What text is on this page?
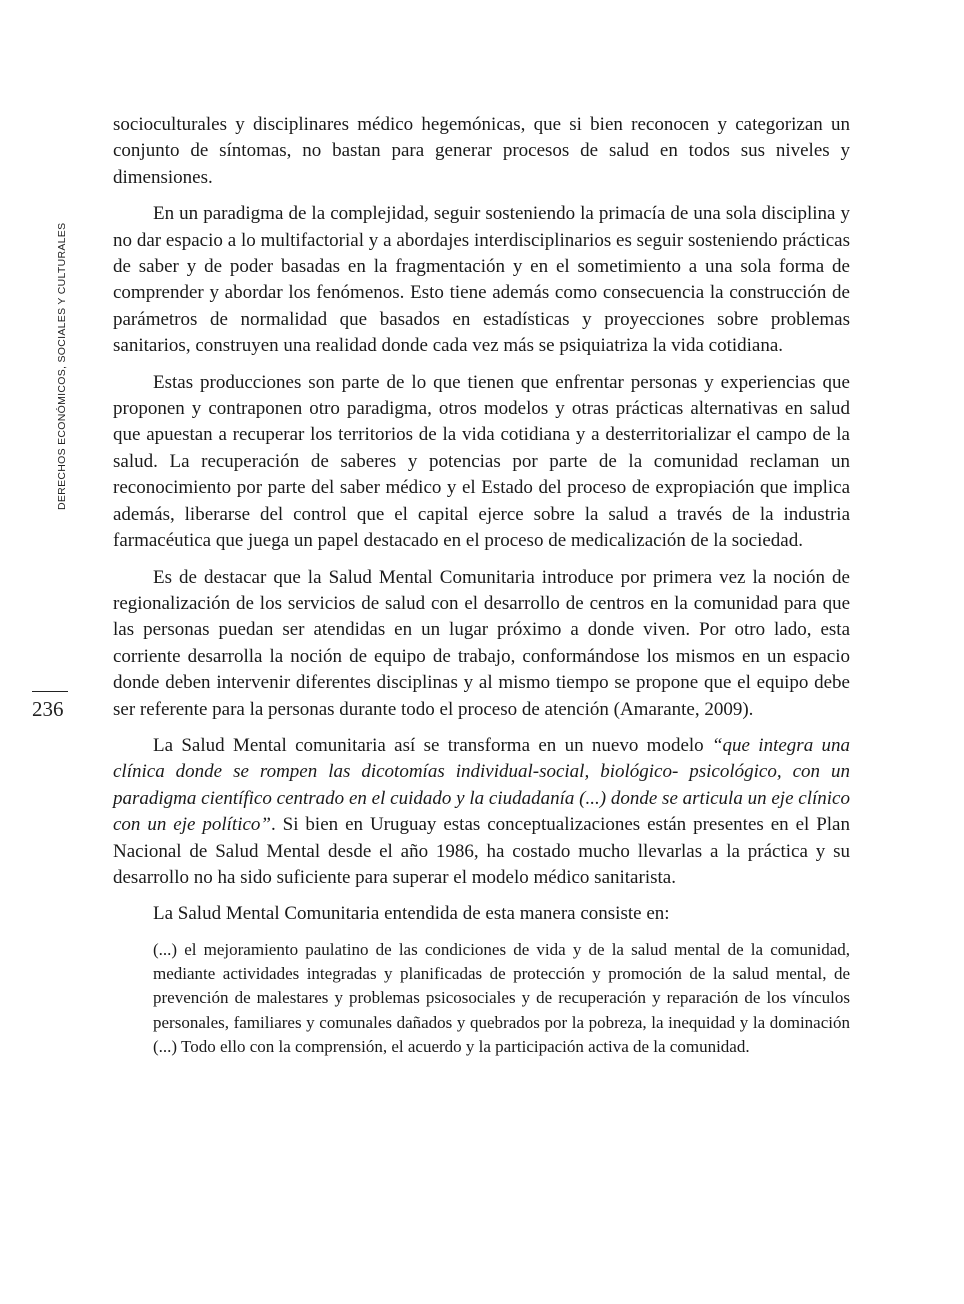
DERECHOS ECONÓMICOS, SOCIALES Y CULTURALES
236

socioculturales y disciplinares médico hegemónicas, que si bien reconocen y categorizan un conjunto de síntomas, no bastan para generar procesos de salud en todos sus niveles y dimensiones.

En un paradigma de la complejidad, seguir sosteniendo la primacía de una sola disciplina y no dar espacio a lo multifactorial y a abordajes interdisciplinarios es seguir sosteniendo prácticas de saber y de poder basadas en la fragmentación y en el sometimiento a una sola forma de comprender y abordar los fenómenos. Esto tiene además como consecuencia la construcción de parámetros de normalidad que basados en estadísticas y proyecciones sobre problemas sanitarios, construyen una realidad donde cada vez más se psiquiatriza la vida cotidiana.

Estas producciones son parte de lo que tienen que enfrentar personas y experiencias que proponen y contraponen otro paradigma, otros modelos y otras prácticas alternativas en salud que apuestan a recuperar los territorios de la vida cotidiana y a desterritorializar el campo de la salud. La recuperación de saberes y potencias por parte de la comunidad reclaman un reconocimiento por parte del saber médico y el Estado del proceso de expropiación que implica además, liberarse del control que el capital ejerce sobre la salud a través de la industria farmacéutica que juega un papel destacado en el proceso de medicalización de la sociedad.

Es de destacar que la Salud Mental Comunitaria introduce por primera vez la noción de regionalización de los servicios de salud con el desarrollo de centros en la comunidad para que las personas puedan ser atendidas en un lugar próximo a donde viven. Por otro lado, esta corriente desarrolla la noción de equipo de trabajo, conformándose los mismos en un espacio donde deben intervenir diferentes disciplinas y al mismo tiempo se propone que el equipo debe ser referente para la personas durante todo el proceso de atención (Amarante, 2009).

La Salud Mental comunitaria así se transforma en un nuevo modelo “que integra una clínica donde se rompen las dicotomías individual-social, biológico- psicológico, con un paradigma científico centrado en el cuidado y la ciudadanía (...) donde se articula un eje clínico con un eje político”. Si bien en Uruguay estas conceptualizaciones están presentes en el Plan Nacional de Salud Mental desde el año 1986, ha costado mucho llevarlas a la práctica y su desarrollo no ha sido suficiente para superar el modelo médico sanitarista.

La Salud Mental Comunitaria entendida de esta manera consiste en:

(...) el mejoramiento paulatino de las condiciones de vida y de la salud mental de la comunidad, mediante actividades integradas y planificadas de protección y promoción de la salud mental, de prevención de malestares y problemas psicosociales y de recuperación y reparación de los vínculos personales, familiares y comunales dañados y quebrados por la pobreza, la inequidad y la dominación (...) Todo ello con la comprensión, el acuerdo y la participación activa de la comunidad.
